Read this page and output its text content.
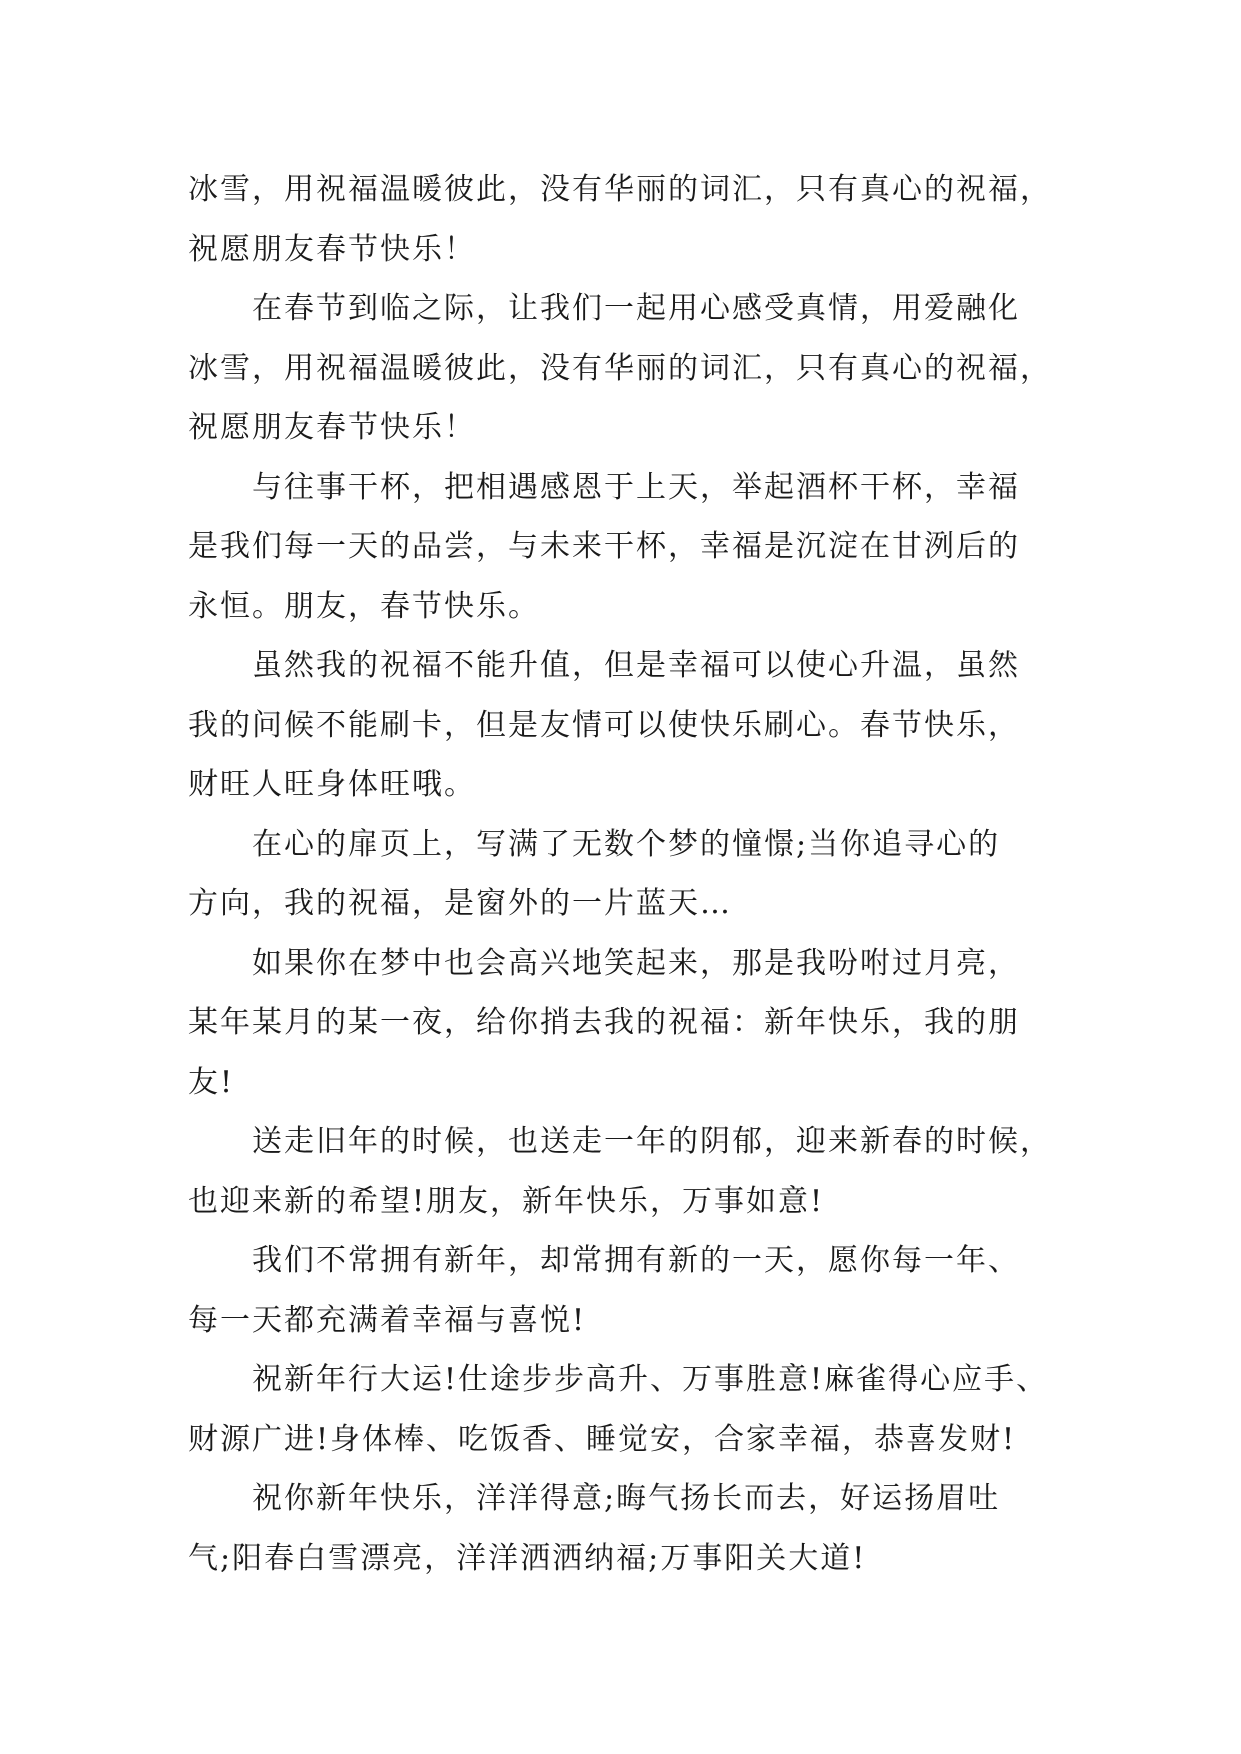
冰雪，用祝福温暖彼此，没有华丽的词汇，只有真心的祝福，
祝愿朋友春节快乐！
在春节到临之际，让我们一起用心感受真情，用爱融化
冰雪，用祝福温暖彼此，没有华丽的词汇，只有真心的祝福，
祝愿朋友春节快乐！
与往事干杯，把相遇感恩于上天，举起酒杯干杯，幸福
是我们每一天的品尝，与未来干杯，幸福是沉淀在甘洌后的
永恒。朋友，春节快乐。
虽然我的祝福不能升值，但是幸福可以使心升温，虽然
我的问候不能刷卡，但是友情可以使快乐刷心。春节快乐，
财旺人旺身体旺哦。
在心的扉页上，写满了无数个梦的憧憬;当你追寻心的
方向，我的祝福，是窗外的一片蓝天…
如果你在梦中也会高兴地笑起来，那是我吩咐过月亮，
某年某月的某一夜，给你捎去我的祝福：新年快乐，我的朋
友!
送走旧年的时候，也送走一年的阴郁，迎来新春的时候，
也迎来新的希望!朋友，新年快乐，万事如意!
我们不常拥有新年，却常拥有新的一天，愿你每一年、
每一天都充满着幸福与喜悦!
祝新年行大运!仕途步步高升、万事胜意!麻雀得心应手、
财源广进!身体棒、吃饭香、睡觉安，合家幸福，恭喜发财!
祝你新年快乐，洋洋得意;晦气扬长而去，好运扬眉吐
气;阳春白雪漂亮，洋洋洒洒纳福;万事阳关大道!
